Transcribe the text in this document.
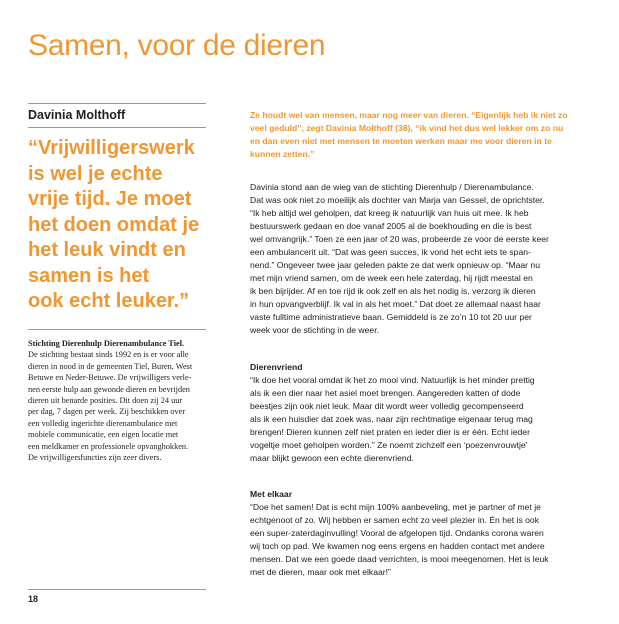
Samen, voor de dieren
Davinia Molthoff
“Vrijwilligerswerk
is wel je echte
vrije tijd. Je moet
het doen omdat je
het leuk vindt en
samen is het
ook echt leuker.”
Stichting Dierenhulp Dierenambulance Tiel.
De stichting bestaat sinds 1992 en is er voor alle
dieren in nood in de gemeenten Tiel, Buren, West
Betuwe en Neder-Betuwe. De vrijwilligers verle-
nen eerste hulp aan gewonde dieren en bevrijden
dieren uit benarde posities. Dit doen zij 24 uur
per dag, 7 dagen per week. Zij beschikken over
een volledig ingerichte dierenambulance met
mobiele communicatie, een eigen locatie met
een meldkamer en professionele opvanghokken.
De vrijwilligersfuncties zijn zeer divers.
Ze houdt wel van mensen, maar nog meer van dieren. “Eigenlijk heb ik niet zo
veel geduld”, zegt Davinia Molthoff (38), “ik vind het dus wel lekker om zo nu
en dan even niet met mensen te moeten werken maar me voor dieren in te
kunnen zetten.”
Davinia stond aan de wieg van de stichting Dierenhulp / Dierenambulance.
Dat was ook niet zo moeilijk als dochter van Marja van Gessel, de oprichtster.
“Ik heb altijd wel geholpen, dat kreeg ik natuurlijk van huis uit mee. Ik heb
bestuurswerk gedaan en doe vanaf 2005 al de boekhouding en die is best
wel omvangrijk.” Toen ze een jaar of 20 was, probeerde ze voor de eerste keer
een ambulancerit uit. “Dat was geen succes, ik vond het echt iets te span-
nend.” Ongeveer twee jaar geleden pakte ze dat werk opnieuw op. “Maar nu
met mijn vriend samen, om de week een hele zaterdag, hij rijdt meestal en
ik ben bijrijder. Af en toe rijd ik ook zelf en als het nodig is, verzorg ik dieren
in hun opvangverblijf. Ik val in als het moet.” Dat doet ze allemaal naast haar
vaste fulltime administratieve baan. Gemiddeld is ze zo’n 10 tot 20 uur per
week voor de stichting in de weer.
Dierenvriend
“Ik doe het vooral omdat ik het zo mooi vind. Natuurlijk is het minder prettig
als ik een dier naar het asiel moet brengen. Aangereden katten of dode
beestjes zijn ook niet leuk. Maar dit wordt weer volledig gecompenseerd
als ik een huisdier dat zoek was, naar zijn rechtmatige eigenaar terug mag
brengen! Dieren kunnen zelf niet praten en ieder dier is er één. Echt ieder
vogeltje moet geholpen worden.” Ze noemt zichzelf een ‘poezenvrouwtje’
maar blijkt gewoon een echte dierenvriend.
Met elkaar
“Doe het samen! Dat is echt mijn 100% aanbeveling, met je partner of met je
echtgenoot of zo. Wij hebben er samen echt zo veel plezier in. Én het is ook
een super-zaterdaginvulling! Vooral de afgelopen tijd. Ondanks corona waren
wij toch op pad. We kwamen nog eens ergens en hadden contact met andere
mensen. Dat we een goede daad verrichten, is mooi meegenomen. Het is leuk
met de dieren, maar ook met elkaar!”
18
